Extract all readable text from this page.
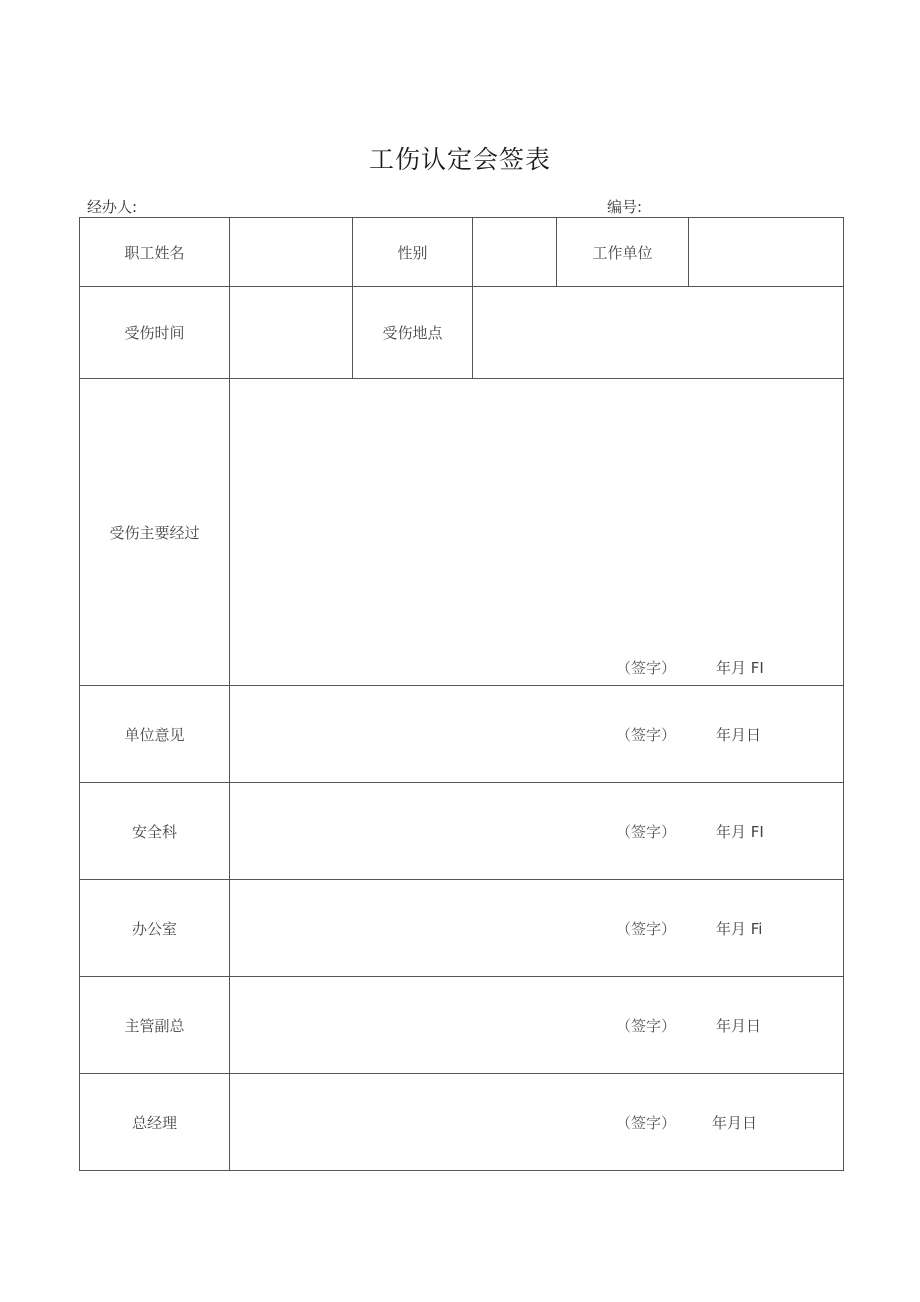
工伤认定会签表
经办人:	编号:
职工姓名		性别		工作单位	
受伤时间		受伤地点			
受伤主要经过	（签字） 年月 FI				

单位意见	（签字） 年月日				

安全科	（签字） 年月 FI				

办公室	（签字） 年月 Fi				

主管副总	（签字） 年月日				

总经理	（签字） 年月日				
